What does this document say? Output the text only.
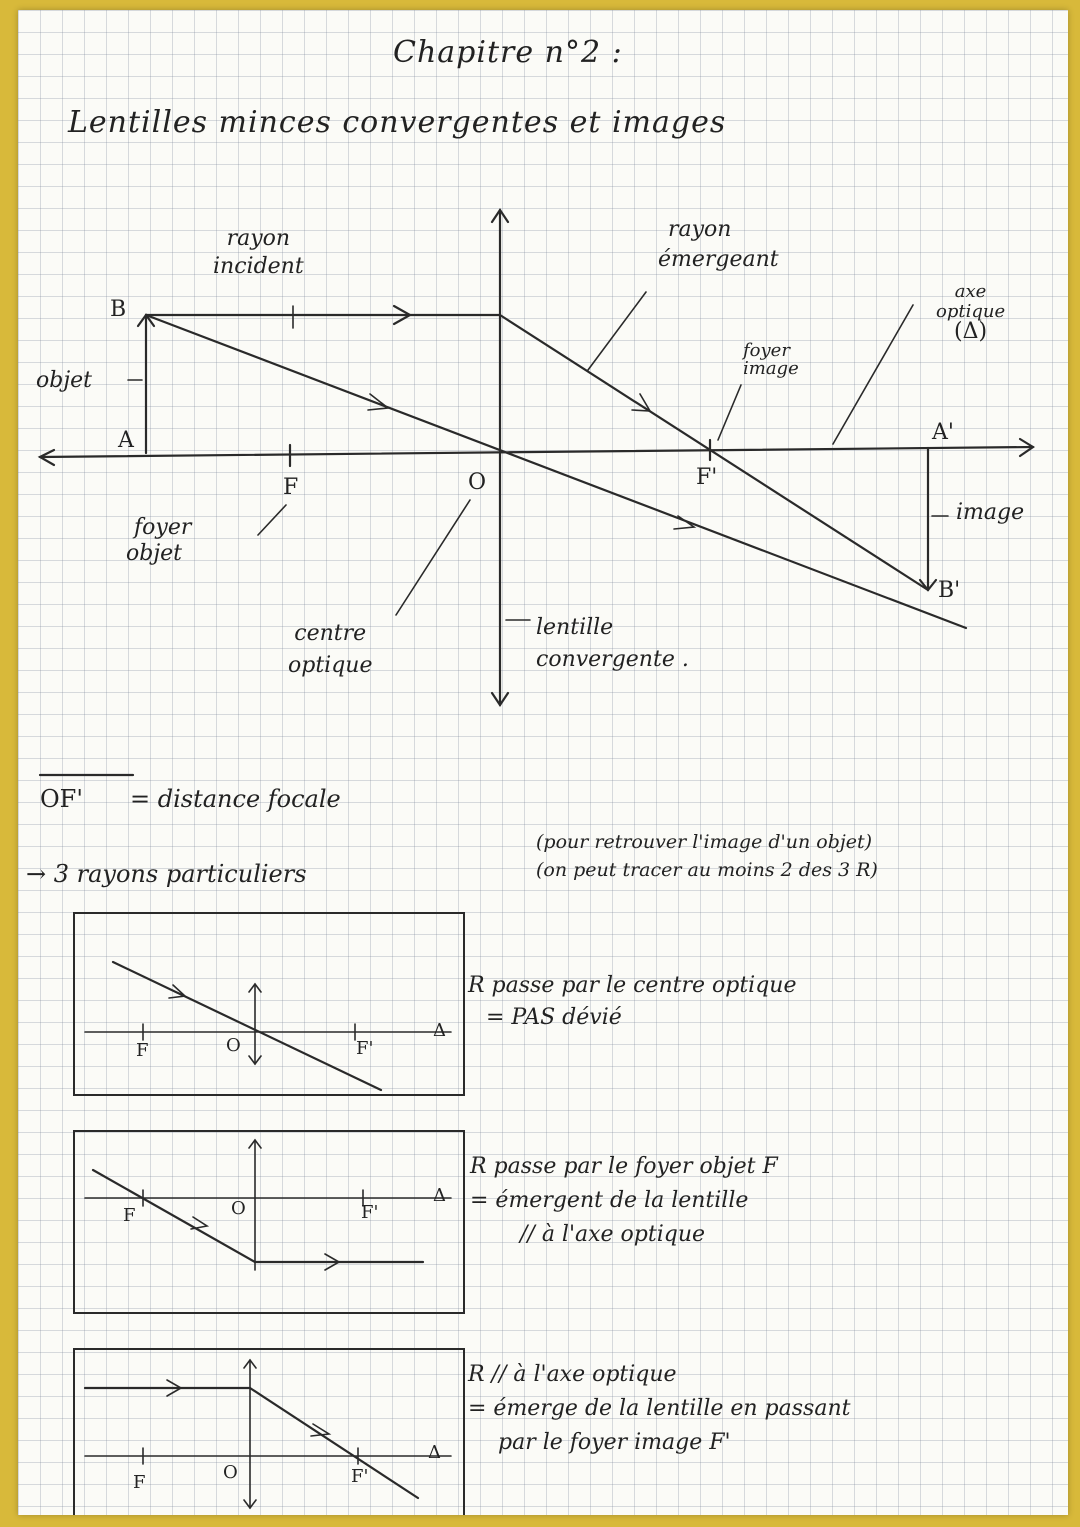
Chapitre n°2 :
Lentilles minces convergentes et images
rayon
incident
rayon
émergeant
axe
optique
(Δ)
foyer
image
objet
image
foyer
objet
centre
optique
lentille
convergente .
B
A
F	O	F'
A'
B'
OF' = distance focale
→ 3 rayons particuliers
(pour retrouver l'image d'un objet)
(on peut tracer au moins 2 des 3 R)
F	O	F'
Δ
R passe par le centre optique
= PAS dévié
F	O	F'
Δ
R passe par le foyer objet F
= émergent de la lentille
// à l'axe optique
F	O	F'
Δ
R // à l'axe optique
= émerge de la lentille en passant
par le foyer image F'
